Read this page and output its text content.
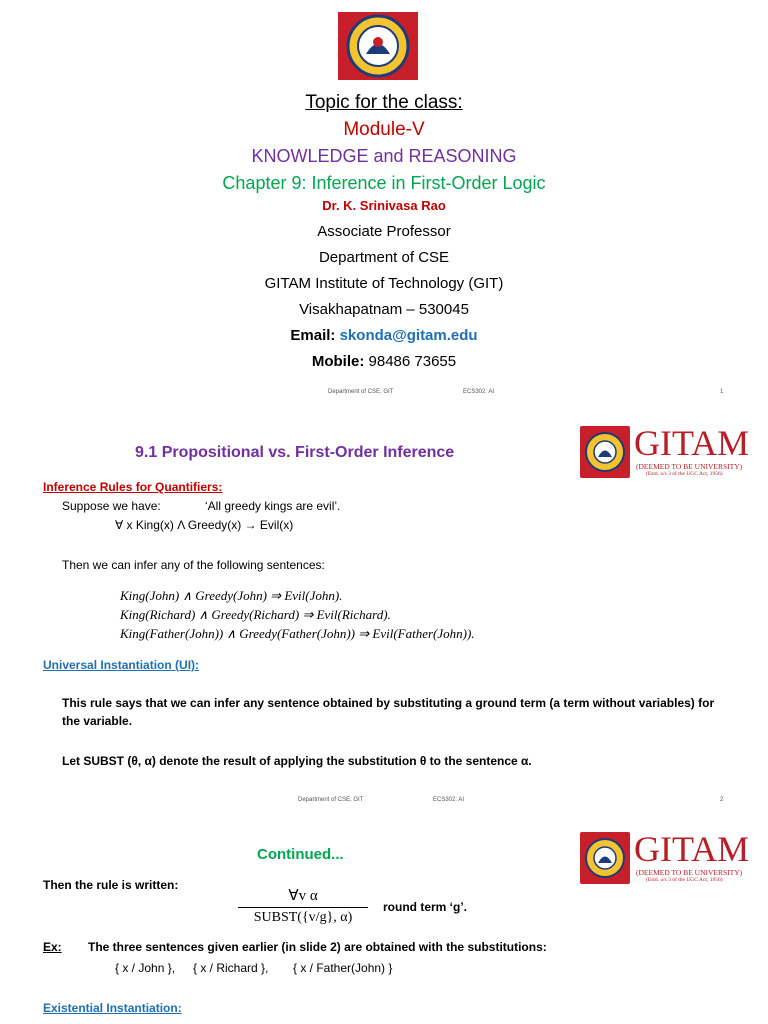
Topic for the class:
Module-V
KNOWLEDGE and REASONING
Chapter 9: Inference in First-Order Logic
Dr. K. Srinivasa Rao
Associate Professor
Department of CSE
GITAM Institute of Technology (GIT)
Visakhapatnam – 530045
Email: skonda@gitam.edu
Mobile: 98486 73655
Department of CSE, GIT	ECS302: AI	1
9.1 Propositional vs. First-Order Inference	GITAM
(DEEMED TO BE UNIVERSITY)
(Estd. u/s 3 of the UGC Act, 1956)
Inference Rules for Quantifiers:
Suppose we have:	‘All greedy kings are evil’.
∀ x King(x) Λ Greedy(x) → Evil(x)
Then we can infer any of the following sentences:
King(John) ∧ Greedy(John) ⇒ Evil(John).
King(Richard) ∧ Greedy(Richard) ⇒ Evil(Richard).
King(Father(John)) ∧ Greedy(Father(John)) ⇒ Evil(Father(John)).
Universal Instantiation (UI):
This rule says that we can infer any sentence obtained by substituting a ground term (a term without variables) for
the variable.
Let SUBST (θ, α) denote the result of applying the substitution θ to the sentence α.
Department of CSE, GIT	ECS302: AI	2
Continued...	GITAM
(DEEMED TO BE UNIVERSITY)
(Estd. u/s 3 of the UGC Act, 1956)
Then the rule is written:
∀v α
SUBST({v/g}, α)
round term ‘g’.
Ex: The three sentences given earlier (in slide 2) are obtained with the substitutions:
{ x / John }, { x / Richard }, { x / Father(John) }
Existential Instantiation:
